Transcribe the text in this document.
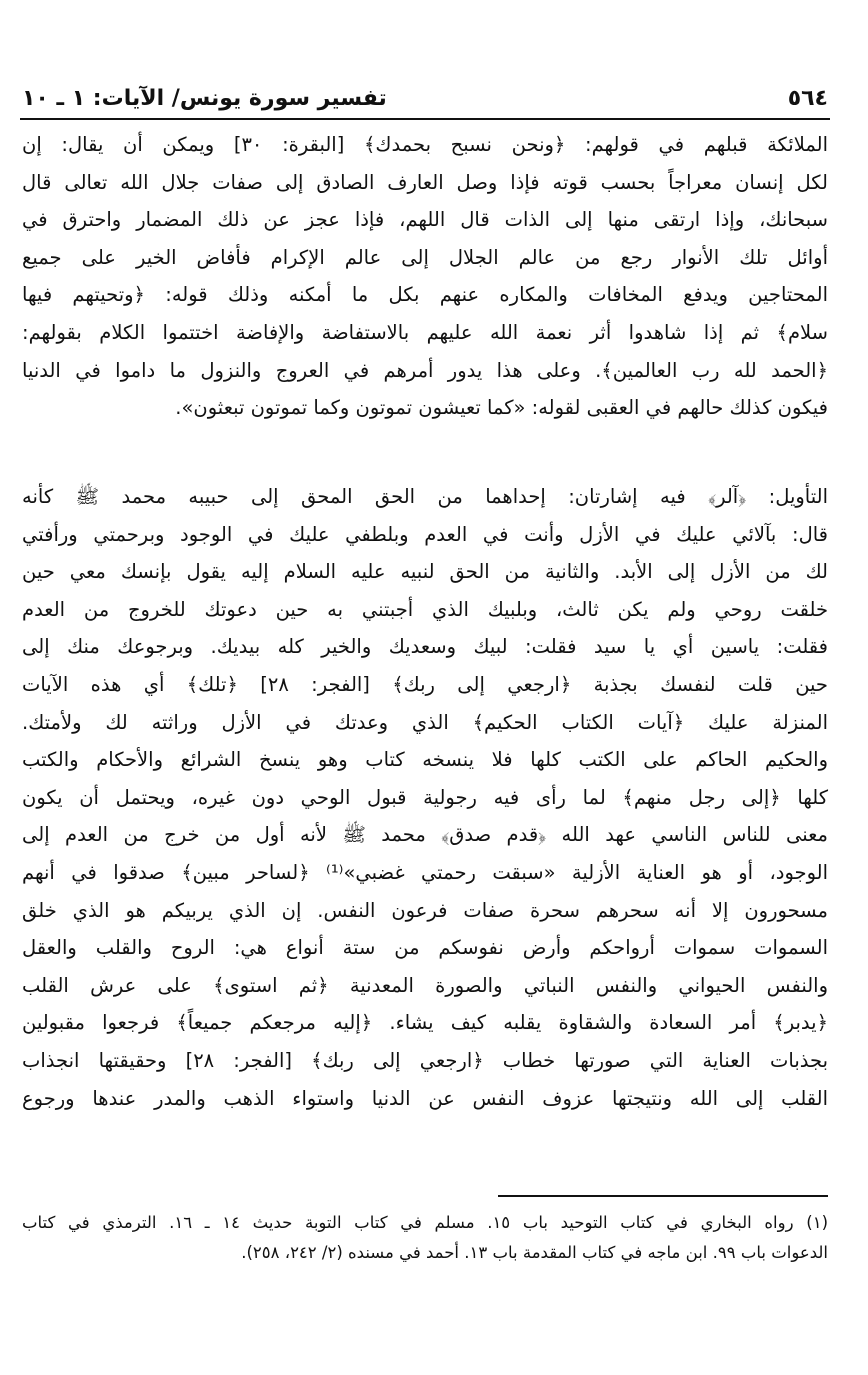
تفسير سورة يونس/ الآيات: ١ ـ ١٠	٥٦٤

الملائكة قبلهم في قولهم: ﴿ونحن نسبح بحمدك﴾ [البقرة: ٣٠] ويمكن أن يقال: إن
لكل إنسان معراجاً بحسب قوته فإذا وصل العارف الصادق إلى صفات جلال الله تعالى قال
سبحانك، وإذا ارتقى منها إلى الذات قال اللهم، فإذا عجز عن ذلك المضمار واحترق في
أوائل تلك الأنوار رجع من عالم الجلال إلى عالم الإكرام فأفاض الخير على جميع
المحتاجين ويدفع المخافات والمكاره عنهم بكل ما أمكنه وذلك قوله: ﴿وتحيتهم فيها
سلام﴾ ثم إذا شاهدوا أثر نعمة الله عليهم بالاستفاضة والإفاضة اختتموا الكلام بقولهم:
﴿الحمد لله رب العالمين﴾. وعلى هذا يدور أمرهم في العروج والنزول ما داموا في الدنيا
فيكون كذلك حالهم في العقبى لقوله: «كما تعيشون تموتون وكما تموتون تبعثون».

التأويل: ﴿آلر﴾ فيه إشارتان: إحداهما من الحق المحق إلى حبيبه محمد ﷺ كأنه
قال: بآلائي عليك في الأزل وأنت في العدم وبلطفي عليك في الوجود وبرحمتي ورأفتي
لك من الأزل إلى الأبد. والثانية من الحق لنبيه عليه السلام إليه يقول بإنسك معي حين
خلقت روحي ولم يكن ثالث، وبلبيك الذي أجبتني به حين دعوتك للخروج من العدم
فقلت: ياسين أي يا سيد فقلت: لبيك وسعديك والخير كله بيديك. وبرجوعك منك إلى
حين قلت لنفسك بجذبة ﴿ارجعي إلى ربك﴾ [الفجر: ٢٨] ﴿تلك﴾ أي هذه الآيات
المنزلة عليك ﴿آيات الكتاب الحكيم﴾ الذي وعدتك في الأزل وراثته لك ولأمتك.
والحكيم الحاكم على الكتب كلها فلا ينسخه كتاب وهو ينسخ الشرائع والأحكام والكتب
كلها ﴿إلى رجل منهم﴾ لما رأى فيه رجولية قبول الوحي دون غيره، ويحتمل أن يكون
معنى للناس الناسي عهد الله ﴿قدم صدق﴾ محمد ﷺ لأنه أول من خرج من العدم إلى
الوجود، أو هو العناية الأزلية «سبقت رحمتي غضبي»⁽¹⁾ ﴿لساحر مبين﴾ صدقوا في أنهم
مسحورون إلا أنه سحرهم سحرة صفات فرعون النفس. إن الذي يربيكم هو الذي خلق
السموات سموات أرواحكم وأرض نفوسكم من ستة أنواع هي: الروح والقلب والعقل
والنفس الحيواني والنفس النباتي والصورة المعدنية ﴿ثم استوى﴾ على عرش القلب
﴿يدبر﴾ أمر السعادة والشقاوة يقلبه كيف يشاء. ﴿إليه مرجعكم جميعاً﴾ فرجعوا مقبولين
بجذبات العناية التي صورتها خطاب ﴿ارجعي إلى ربك﴾ [الفجر: ٢٨] وحقيقتها انجذاب
القلب إلى الله ونتيجتها عزوف النفس عن الدنيا واستواء الذهب والمدر عندها ورجوع

(١) رواه البخاري في كتاب التوحيد باب ١٥. مسلم في كتاب التوبة حديث ١٤ ـ ١٦. الترمذي في كتاب
الدعوات باب ٩٩. ابن ماجه في كتاب المقدمة باب ١٣. أحمد في مسنده (٢/ ٢٤٢، ٢٥٨).
